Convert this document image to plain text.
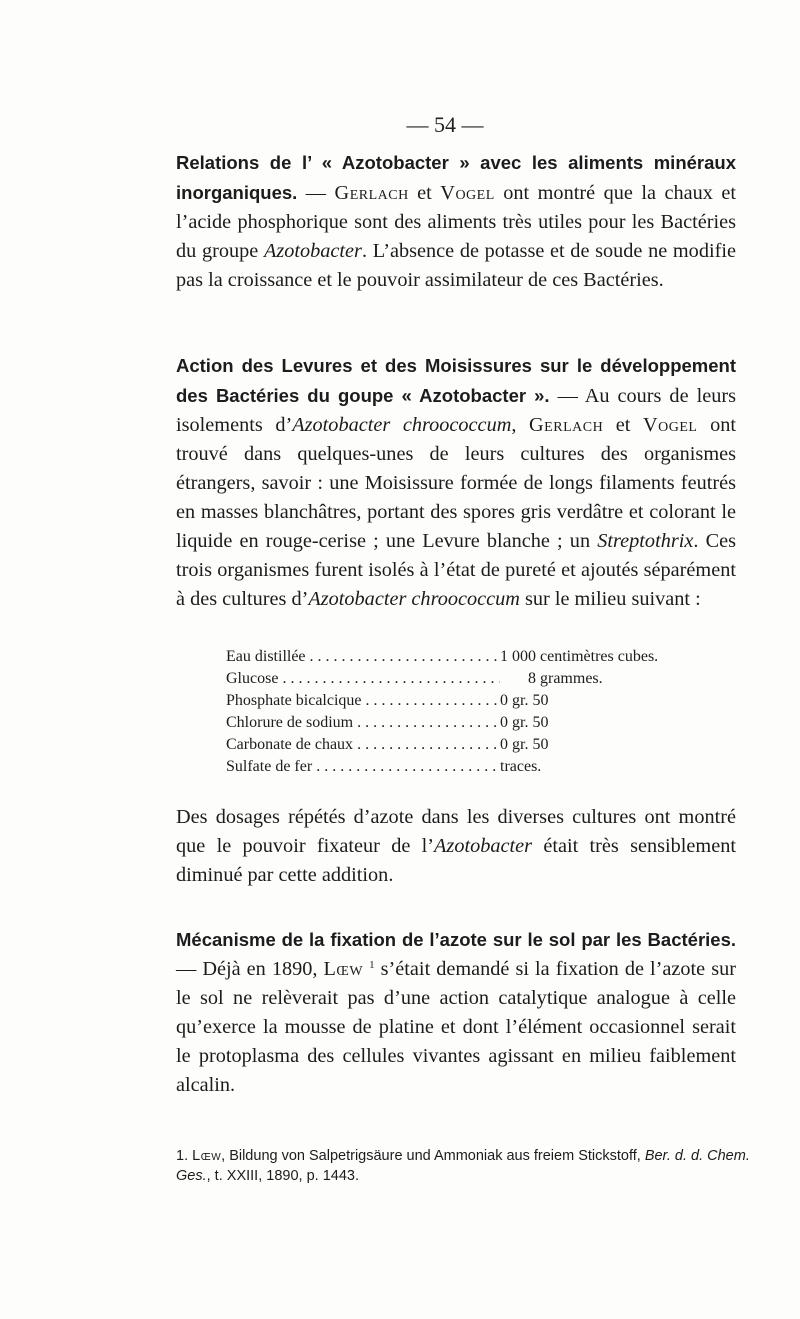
— 54 —

Relations de l’ « Azotobacter » avec les aliments minéraux inorganiques. — Gerlach et Vogel ont montré que la chaux et l’acide phosphorique sont des aliments très utiles pour les Bactéries du groupe Azotobacter. L’absence de potasse et de soude ne modifie pas la croissance et le pouvoir assimilateur de ces Bactéries.

Action des Levures et des Moisissures sur le développement des Bactéries du goupe « Azotobacter ». — Au cours de leurs isolements d’Azotobacter chroococcum, Gerlach et Vogel ont trouvé dans quelques-unes de leurs cultures des organismes étrangers, savoir : une Moisissure formée de longs filaments feutrés en masses blanchâtres, portant des spores gris verdâtre et colorant le liquide en rouge-cerise ; une Levure blanche ; un Streptothrix. Ces trois organismes furent isolés à l’état de pureté et ajoutés séparément à des cultures d’Azotobacter chroococcum sur le milieu suivant :

Eau distillée . . .	1 000 centimètres cubes.
Glucose . . .	8 grammes.
Phosphate bicalcique . . .	0 gr. 50
Chlorure de sodium . . .	0 gr. 50
Carbonate de chaux . . .	0 gr. 50
Sulfate de fer . . .	traces.

Des dosages répétés d’azote dans les diverses cultures ont montré que le pouvoir fixateur de l’Azotobacter était très sensiblement diminué par cette addition.

Mécanisme de la fixation de l’azote sur le sol par les Bactéries. — Déjà en 1890, Lœw $^1$ s’était demandé si la fixation de l’azote sur le sol ne relèverait pas d’une action catalytique analogue à celle qu’exerce la mousse de platine et dont l’élément occasionnel serait le protoplasma des cellules vivantes agissant en milieu faiblement alcalin.

1. Lœw, Bildung von Salpetrigsäure und Ammoniak aus freiem Stickstoff, Ber. d. d. Chem. Ges., t. XXIII, 1890, p. 1443.
